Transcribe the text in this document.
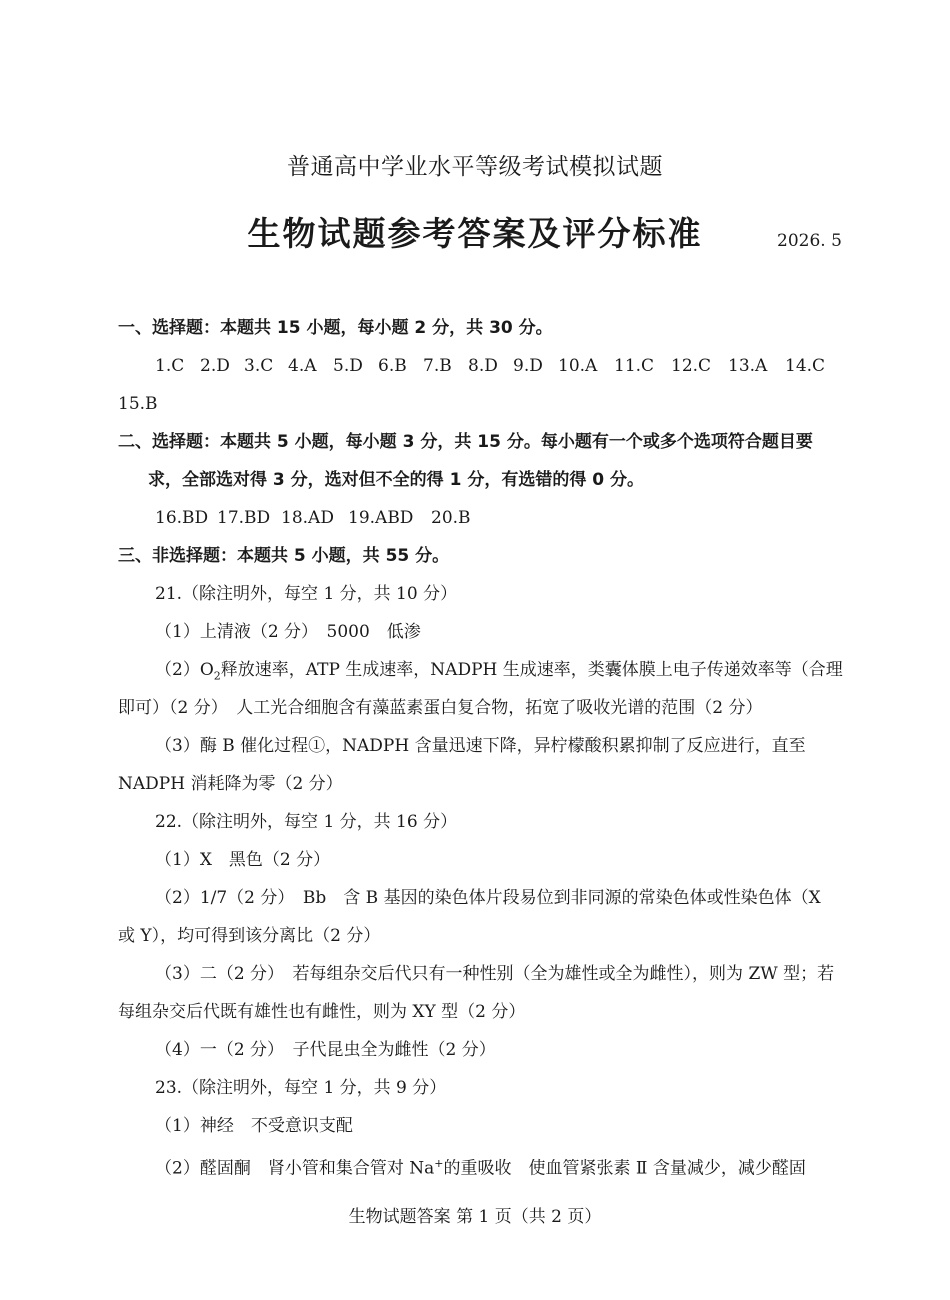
普通高中学业水平等级考试模拟试题
生物试题参考答案及评分标准	2026. 5
一、选择题：本题共 15 小题，每小题 2 分，共 30 分。
1.C 2.D 3.C 4.A 5.D 6.B 7.B 8.D 9.D 10.A 11.C 12.C 13.A 14.C
15.B
二、选择题：本题共 5 小题，每小题 3 分，共 15 分。每小题有一个或多个选项符合题目要
求，全部选对得 3 分，选对但不全的得 1 分，有选错的得 0 分。
16.BD 17.BD 18.AD 19.ABD 20.B
三、非选择题：本题共 5 小题，共 55 分。
21.（除注明外，每空 1 分，共 10 分）
（1）上清液（2 分）　5000　低渗
$(2)O_2$释放速率，ATP 生成速率，NADPH 生成速率，类囊体膜上电子传递效率等（合理
即可）（2 分）　人工光合细胞含有藻蓝素蛋白复合物，拓宽了吸收光谱的范围（2 分）
（3）酶 B 催化过程①，NADPH 含量迅速下降，异柠檬酸积累抑制了反应进行，直至
NADPH 消耗降为零（2 分）
22.（除注明外，每空 1 分，共 16 分）
（1）X　黑色（2 分）
（2）1/7（2 分）　Bb　含 B 基因的染色体片段易位到非同源的常染色体或性染色体（X
或 Y），均可得到该分离比（2 分）
（3）二（2 分）　若每组杂交后代只有一种性别（全为雄性或全为雌性），则为 ZW 型；若
每组杂交后代既有雄性也有雌性，则为 XY 型（2 分）
（4）一（2 分）　子代昆虫全为雌性（2 分）
23.（除注明外，每空 1 分，共 9 分）
（1）神经　不受意识支配
（2）醛固酮　肾小管和集合管对 Na+的重吸收　使血管紧张素 Ⅱ 含量减少，减少醛固
生物试题答案 第 1 页（共 2 页）
